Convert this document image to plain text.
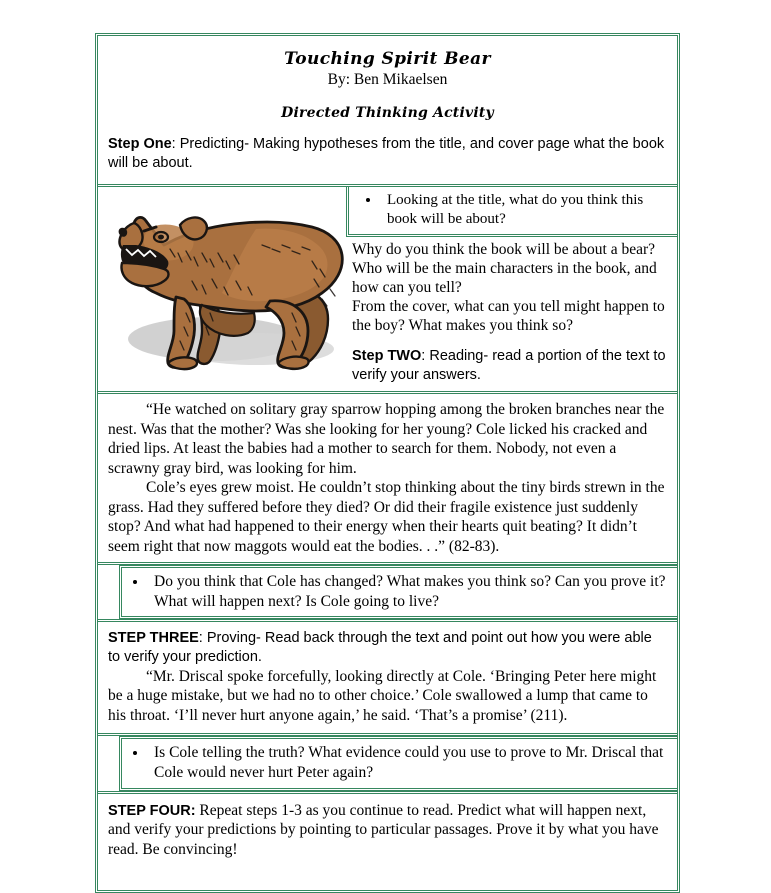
Touching Spirit Bear
By: Ben Mikaelsen
Directed Thinking Activity

Step One: Predicting- Making hypotheses from the title, and cover page what the book will be about.

• Looking at the title, what do you think this book will be about?

Why do you think the book will be about a bear?

Who will be the main characters in the book, and how can you tell?

From the cover, what can you tell might happen to the boy? What makes you think so?

Step TWO: Reading- read a portion of the text to verify your answers.

“He watched on solitary gray sparrow hopping among the broken branches near the nest. Was that the mother? Was she looking for her young? Cole licked his cracked and dried lips. At least the babies had a mother to search for them. Nobody, not even a scrawny gray bird, was looking for him.

Cole’s eyes grew moist. He couldn’t stop thinking about the tiny birds strewn in the grass. Had they suffered before they died? Or did their fragile existence just suddenly stop? And what had happened to their energy when their hearts quit beating? It didn’t seem right that now maggots would eat the bodies. . .” (82-83).

• Do you think that Cole has changed? What makes you think so? Can you prove it? What will happen next? Is Cole going to live?

STEP THREE: Proving- Read back through the text and point out how you were able to verify your prediction.

“Mr. Driscal spoke forcefully, looking directly at Cole. ‘Bringing Peter here might be a huge mistake, but we had no to other choice.’ Cole swallowed a lump that came to his throat. ‘I’ll never hurt anyone again,’ he said. ‘That’s a promise’ (211).

• Is Cole telling the truth? What evidence could you use to prove to Mr. Driscal that Cole would never hurt Peter again?

STEP FOUR: Repeat steps 1-3 as you continue to read. Predict what will happen next, and verify your predictions by pointing to particular passages. Prove it by what you have read. Be convincing!
